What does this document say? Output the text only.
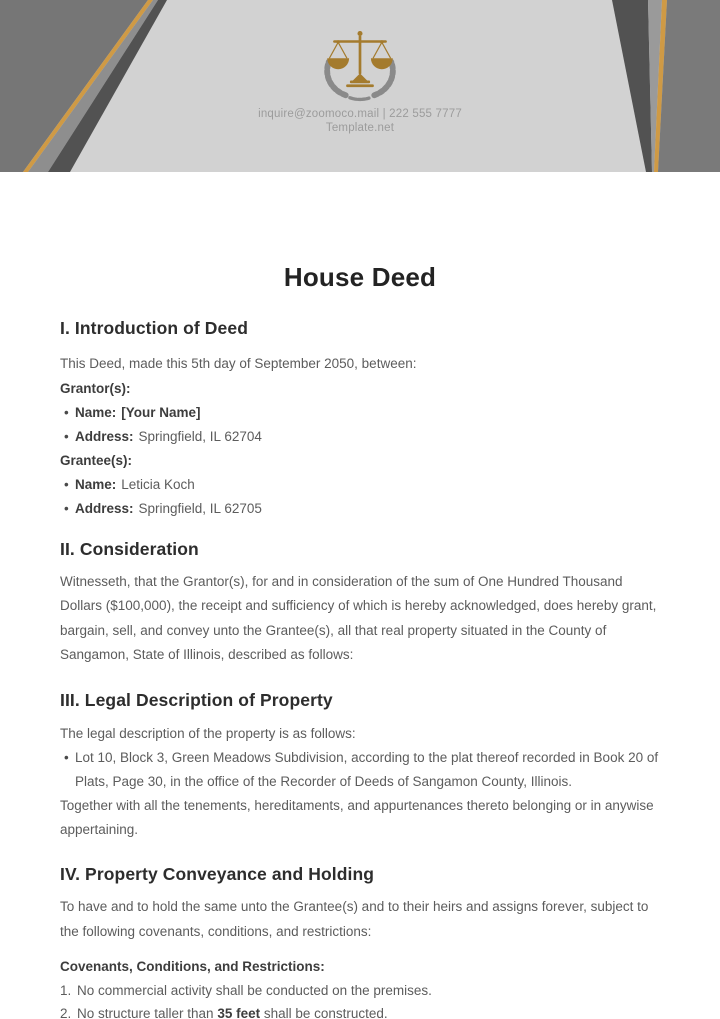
inquire@zoomoco.mail | 222 555 7777
Template.net
House Deed
I. Introduction of Deed

This Deed, made this 5th day of September 2050, between:

Grantor(s):
• Name: [Your Name]
• Address: Springfield, IL 62704
Grantee(s):
• Name: Leticia Koch
• Address: Springfield, IL 62705
II. Consideration

Witnesseth, that the Grantor(s), for and in consideration of the sum of One Hundred Thousand Dollars ($100,000), the receipt and sufficiency of which is hereby acknowledged, does hereby grant, bargain, sell, and convey unto the Grantee(s), all that real property situated in the County of Sangamon, State of Illinois, described as follows:

III. Legal Description of Property

The legal description of the property is as follows:

• Lot 10, Block 3, Green Meadows Subdivision, according to the plat thereof recorded in Book 20 of Plats, Page 30, in the office of the Recorder of Deeds of Sangamon County, Illinois.

Together with all the tenements, hereditaments, and appurtenances thereto belonging or in anywise appertaining.

IV. Property Conveyance and Holding

To have and to hold the same unto the Grantee(s) and to their heirs and assigns forever, subject to the following covenants, conditions, and restrictions:

Covenants, Conditions, and Restrictions:
1. No commercial activity shall be conducted on the premises.
2. No structure taller than 35 feet shall be constructed.
